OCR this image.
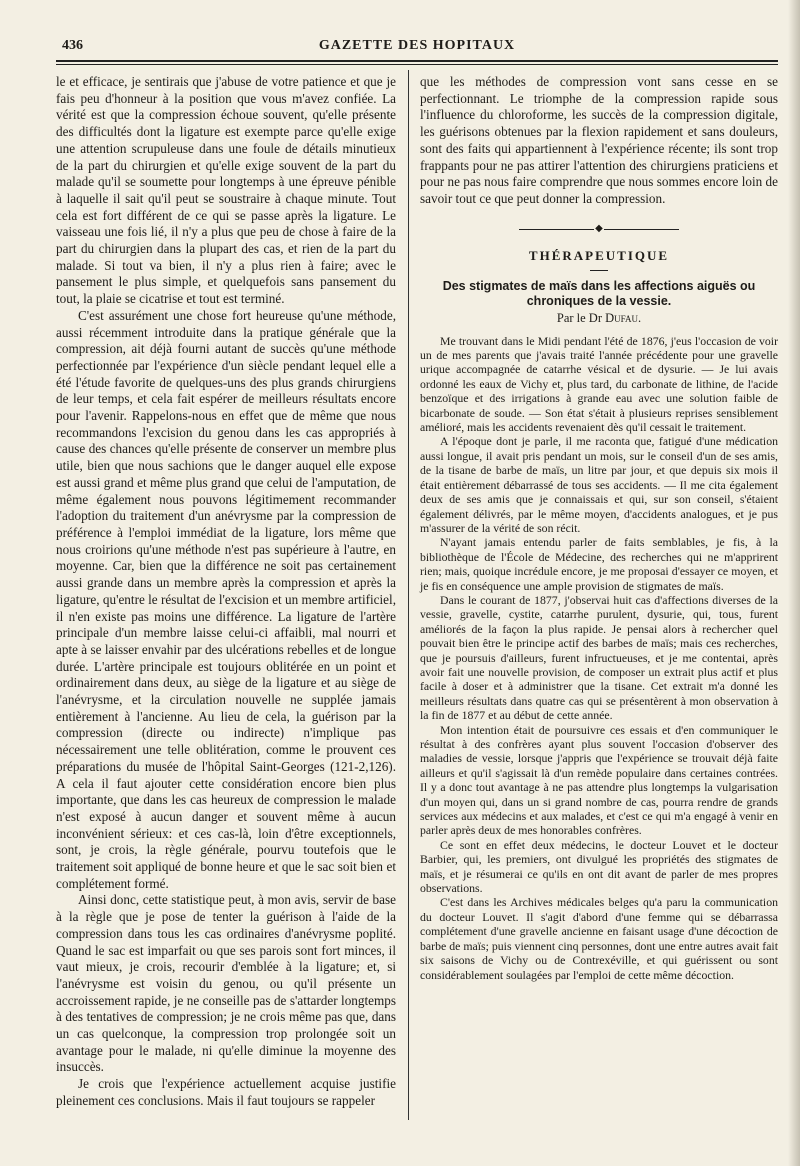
436	GAZETTE DES HOPITAUX

le et efficace, je sentirais que j'abuse de votre patience et que je fais peu d'honneur à la position que vous m'avez confiée. La vérité est que la compression échoue souvent, qu'elle présente des difficultés dont la ligature est exempte parce qu'elle exige une attention scrupuleuse dans une foule de détails minutieux de la part du chirurgien et qu'elle exige souvent de la part du malade qu'il se soumette pour longtemps à une épreuve pénible à laquelle il sait qu'il peut se soustraire à chaque minute. Tout cela est fort différent de ce qui se passe après la ligature. Le vaisseau une fois lié, il n'y a plus que peu de chose à faire de la part du chirurgien dans la plupart des cas, et rien de la part du malade. Si tout va bien, il n'y a plus rien à faire; avec le pansement le plus simple, et quelquefois sans pansement du tout, la plaie se cicatrise et tout est terminé.

C'est assurément une chose fort heureuse qu'une méthode, aussi récemment introduite dans la pratique générale que la compression, ait déjà fourni autant de succès qu'une méthode perfectionnée par l'expérience d'un siècle pendant lequel elle a été l'étude favorite de quelques-uns des plus grands chirurgiens de leur temps, et cela fait espérer de meilleurs résultats encore pour l'avenir. Rappelons-nous en effet que de même que nous recommandons l'excision du genou dans les cas appropriés à cause des chances qu'elle présente de conserver un membre plus utile, bien que nous sachions que le danger auquel elle expose est aussi grand et même plus grand que celui de l'amputation, de même également nous pouvons légitimement recommander l'adoption du traitement d'un anévrysme par la compression de préférence à l'emploi immédiat de la ligature, lors même que nous croirions qu'une méthode n'est pas supérieure à l'autre, en moyenne. Car, bien que la différence ne soit pas certainement aussi grande dans un membre après la compression et après la ligature, qu'entre le résultat de l'excision et un membre artificiel, il n'en existe pas moins une différence. La ligature de l'artère principale d'un membre laisse celui-ci affaibli, mal nourri et apte à se laisser envahir par des ulcérations rebelles et de longue durée. L'artère principale est toujours oblitérée en un point et ordinairement dans deux, au siège de la ligature et au siège de l'anévrysme, et la circulation nouvelle ne supplée jamais entièrement à l'ancienne. Au lieu de cela, la guérison par la compression (directe ou indirecte) n'implique pas nécessairement une telle oblitération, comme le prouvent ces préparations du musée de l'hôpital Saint-Georges (121-2,126). A cela il faut ajouter cette considération encore bien plus importante, que dans les cas heureux de compression le malade n'est exposé à aucun danger et souvent même à aucun inconvénient sérieux: et ces cas-là, loin d'être exceptionnels, sont, je crois, la règle générale, pourvu toutefois que le traitement soit appliqué de bonne heure et que le sac soit bien et complétement formé.

Ainsi donc, cette statistique peut, à mon avis, servir de base à la règle que je pose de tenter la guérison à l'aide de la compression dans tous les cas ordinaires d'anévrysme poplité. Quand le sac est imparfait ou que ses parois sont fort minces, il vaut mieux, je crois, recourir d'emblée à la ligature; et, si l'anévrysme est voisin du genou, ou qu'il présente un accroissement rapide, je ne conseille pas de s'attarder longtemps à des tentatives de compression; je ne crois même pas que, dans un cas quelconque, la compression trop prolongée soit un avantage pour le malade, ni qu'elle diminue la moyenne des insuccès.

Je crois que l'expérience actuellement acquise justifie pleinement ces conclusions. Mais il faut toujours se rappeler

que les méthodes de compression vont sans cesse en se perfectionnant. Le triomphe de la compression rapide sous l'influence du chloroforme, les succès de la compression digitale, les guérisons obtenues par la flexion rapidement et sans douleurs, sont des faits qui appartiennent à l'expérience récente; ils sont trop frappants pour ne pas attirer l'attention des chirurgiens praticiens et pour ne pas nous faire comprendre que nous sommes encore loin de savoir tout ce que peut donner la compression.

◆
THÉRAPEUTIQUE
Des stigmates de maïs dans les affections aiguës ou chroniques de la vessie.
Par le Dr Dufau.

Me trouvant dans le Midi pendant l'été de 1876, j'eus l'occasion de voir un de mes parents que j'avais traité l'année précédente pour une gravelle urique accompagnée de catarrhe vésical et de dysurie. — Je lui avais ordonné les eaux de Vichy et, plus tard, du carbonate de lithine, de l'acide benzoïque et des irrigations à grande eau avec une solution faible de bicarbonate de soude. — Son état s'était à plusieurs reprises sensiblement amélioré, mais les accidents revenaient dès qu'il cessait le traitement.

A l'époque dont je parle, il me raconta que, fatigué d'une médication aussi longue, il avait pris pendant un mois, sur le conseil d'un de ses amis, de la tisane de barbe de maïs, un litre par jour, et que depuis six mois il était entièrement débarrassé de tous ses accidents. — Il me cita également deux de ses amis que je connaissais et qui, sur son conseil, s'étaient également délivrés, par le même moyen, d'accidents analogues, et je pus m'assurer de la vérité de son récit.

N'ayant jamais entendu parler de faits semblables, je fis, à la bibliothèque de l'École de Médecine, des recherches qui ne m'apprirent rien; mais, quoique incrédule encore, je me proposai d'essayer ce moyen, et je fis en conséquence une ample provision de stigmates de maïs.

Dans le courant de 1877, j'observai huit cas d'affections diverses de la vessie, gravelle, cystite, catarrhe purulent, dysurie, qui, tous, furent améliorés de la façon la plus rapide. Je pensai alors à rechercher quel pouvait bien être le principe actif des barbes de maïs; mais ces recherches, que je poursuis d'ailleurs, furent infructueuses, et je me contentai, après avoir fait une nouvelle provision, de composer un extrait plus actif et plus facile à doser et à administrer que la tisane. Cet extrait m'a donné les meilleurs résultats dans quatre cas qui se présentèrent à mon observation à la fin de 1877 et au début de cette année.

Mon intention était de poursuivre ces essais et d'en communiquer le résultat à des confrères ayant plus souvent l'occasion d'observer des maladies de vessie, lorsque j'appris que l'expérience se trouvait déjà faite ailleurs et qu'il s'agissait là d'un remède populaire dans certaines contrées. Il y a donc tout avantage à ne pas attendre plus longtemps la vulgarisation d'un moyen qui, dans un si grand nombre de cas, pourra rendre de grands services aux médecins et aux malades, et c'est ce qui m'a engagé à venir en parler après deux de mes honorables confrères.

Ce sont en effet deux médecins, le docteur Louvet et le docteur Barbier, qui, les premiers, ont divulgué les propriétés des stigmates de maïs, et je résumerai ce qu'ils en ont dit avant de parler de mes propres observations.

C'est dans les Archives médicales belges qu'a paru la communication du docteur Louvet. Il s'agit d'abord d'une femme qui se débarrassa complétement d'une gravelle ancienne en faisant usage d'une décoction de barbe de maïs; puis viennent cinq personnes, dont une entre autres avait fait six saisons de Vichy ou de Contrexéville, et qui guérissent ou sont considérablement soulagées par l'emploi de cette même décoction.
